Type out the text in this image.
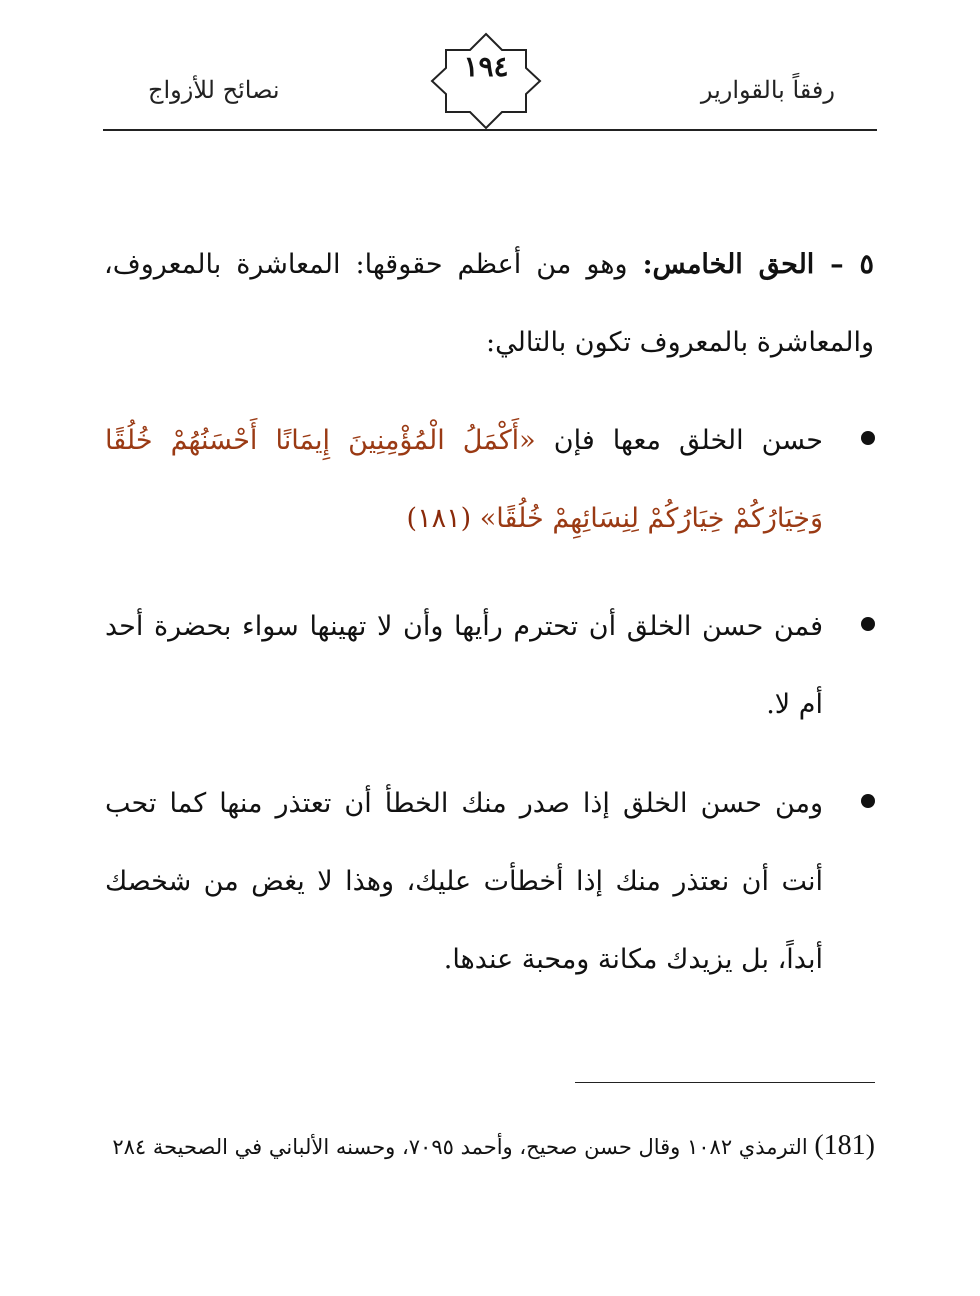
رفقاً بالقوارير
١٩٤
نصائح للأزواج
٥ – الحق الخامس: وهو من أعظم حقوقها: المعاشرة بالمعروف، والمعاشرة بالمعروف تكون بالتالي:
حسن الخلق معها فإن «أَكْمَلُ الْمُؤْمِنِينَ إِيمَانًا أَحْسَنُهُمْ خُلُقًا وَخِيَارُكُمْ خِيَارُكُمْ لِنِسَائِهِمْ خُلُقًا» (١٨١)
فمن حسن الخلق أن تحترم رأيها وأن لا تهينها سواء بحضرة أحد أم لا.
ومن حسن الخلق إذا صدر منك الخطأ أن تعتذر منها كما تحب أنت أن نعتذر منك إذا أخطأت عليك، وهذا لا يغض من شخصك أبداً، بل يزيدك مكانة ومحبة عندها.
(181) الترمذي ١٠٨٢ وقال حسن صحيح، وأحمد ٧٠٩٥، وحسنه الألباني في الصحيحة ٢٨٤
